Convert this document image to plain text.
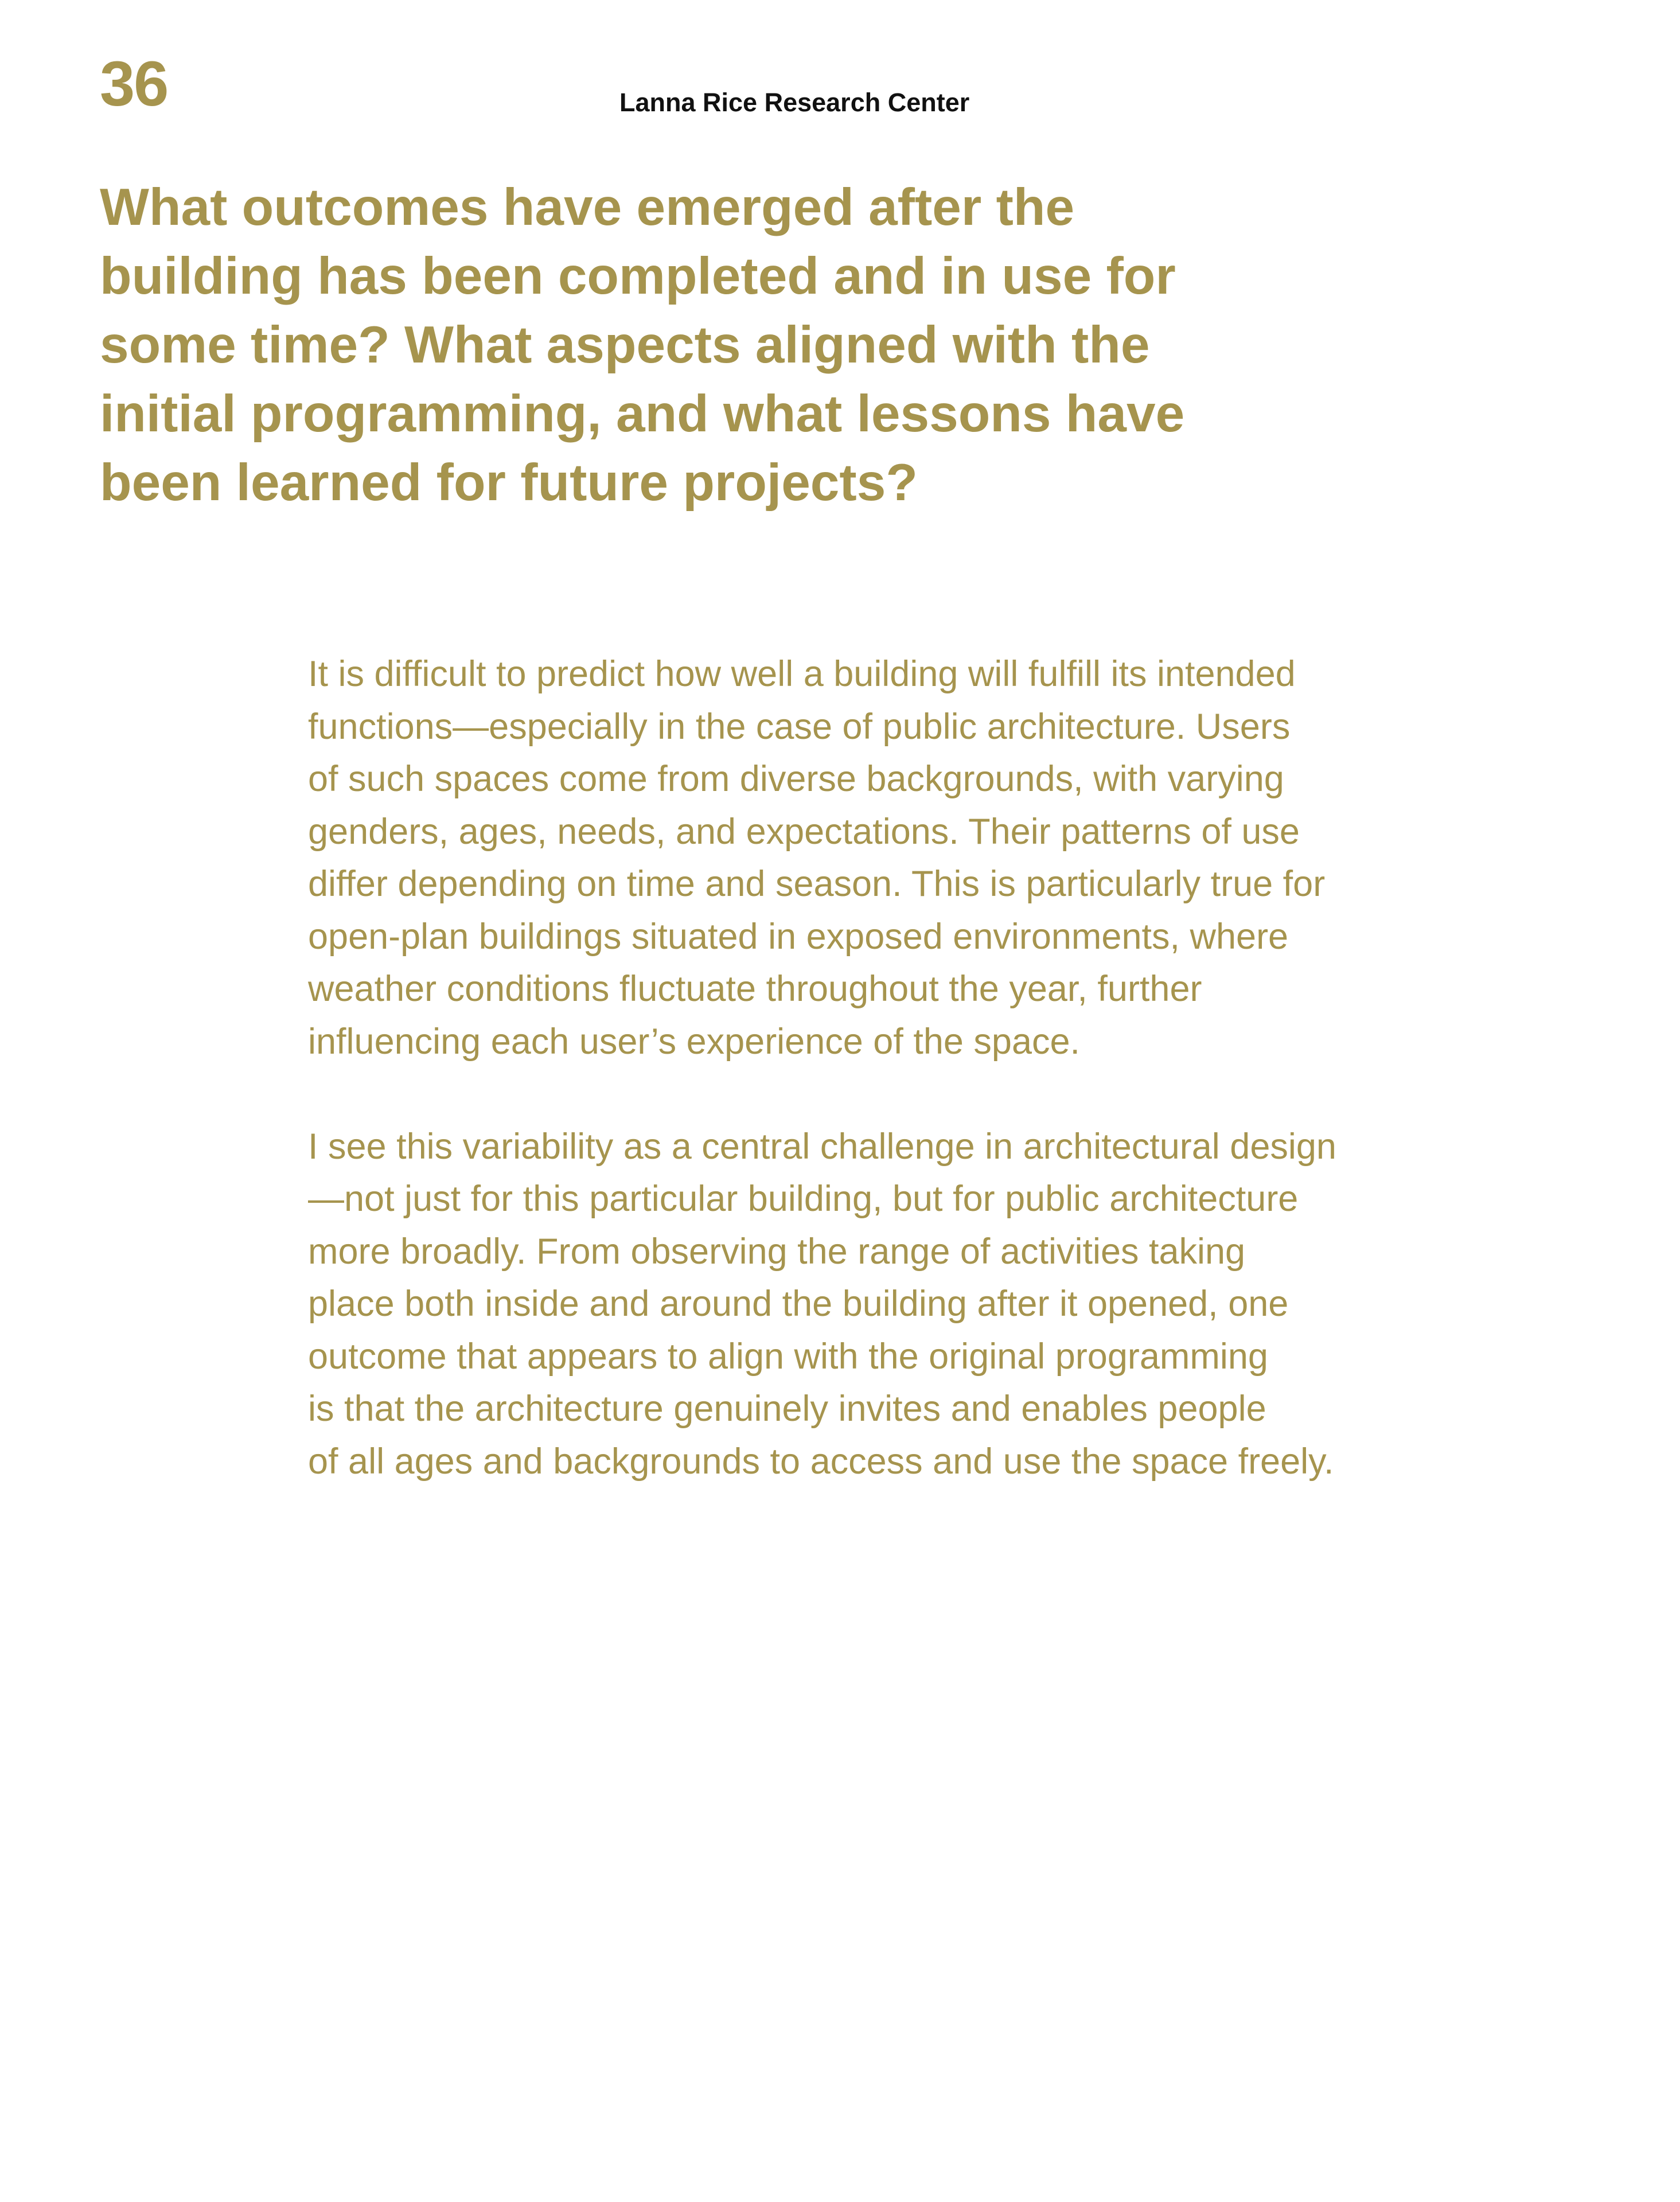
36	Lanna Rice Research Center
What outcomes have emerged after the
building has been completed and in use for
some time? What aspects aligned with the
initial programming, and what lessons have
been learned for future projects?

It is difficult to predict how well a building will fulfill its intended
functions—especially in the case of public architecture. Users
of such spaces come from diverse backgrounds, with varying
genders, ages, needs, and expectations. Their patterns of use
differ depending on time and season. This is particularly true for
open-plan buildings situated in exposed environments, where
weather conditions fluctuate throughout the year, further
influencing each user’s experience of the space.

I see this variability as a central challenge in architectural design
—not just for this particular building, but for public architecture
more broadly. From observing the range of activities taking
place both inside and around the building after it opened, one
outcome that appears to align with the original programming
is that the architecture genuinely invites and enables people
of all ages and backgrounds to access and use the space freely.
